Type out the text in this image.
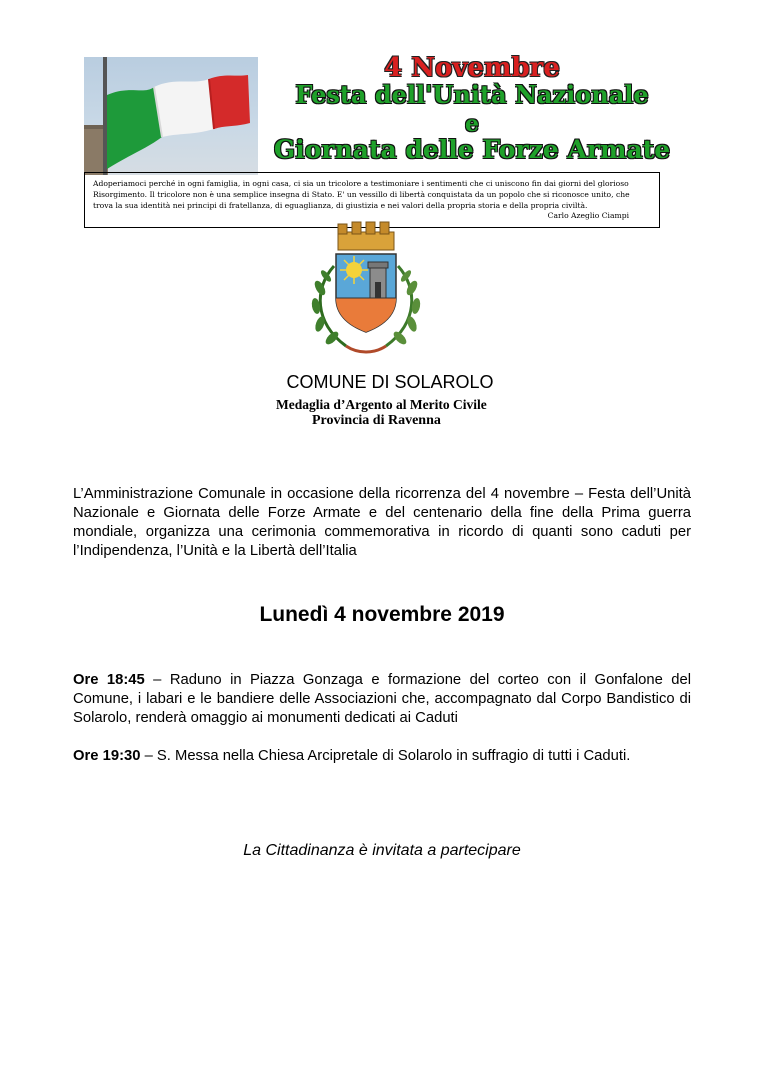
4 Novembre
Festa dell'Unità Nazionale
e
Giornata delle Forze Armate
Adoperiamoci perché in ogni famiglia, in ogni casa, ci sia un tricolore a testimoniare i sentimenti che ci uniscono fin dai giorni del glorioso Risorgimento. Il tricolore non è una semplice insegna di Stato. E' un vessillo di libertà conquistata da un popolo che si riconosce unito, che trova la sua identità nei principi di fratellanza, di eguaglianza, di giustizia e nei valori della propria storia e della propria civiltà.
Carlo Azeglio Ciampi
COMUNE DI SOLAROLO
Medaglia d’Argento al Merito Civile
Provincia di Ravenna
L’Amministrazione Comunale in occasione della ricorrenza del 4 novembre – Festa dell’Unità Nazionale e Giornata delle Forze Armate e del centenario della fine della Prima guerra mondiale, organizza una cerimonia commemorativa in ricordo di quanti sono caduti per l’Indipendenza, l’Unità e la Libertà dell’Italia
Lunedì 4 novembre 2019
Ore 18:45 – Raduno in Piazza Gonzaga e formazione del corteo con il Gonfalone del Comune, i labari e le bandiere delle Associazioni che, accompagnato dal Corpo Bandistico di Solarolo, renderà omaggio ai monumenti dedicati ai Caduti
Ore 19:30 – S. Messa nella Chiesa Arcipretale di Solarolo in suffragio di tutti i Caduti.
La Cittadinanza è invitata a partecipare
